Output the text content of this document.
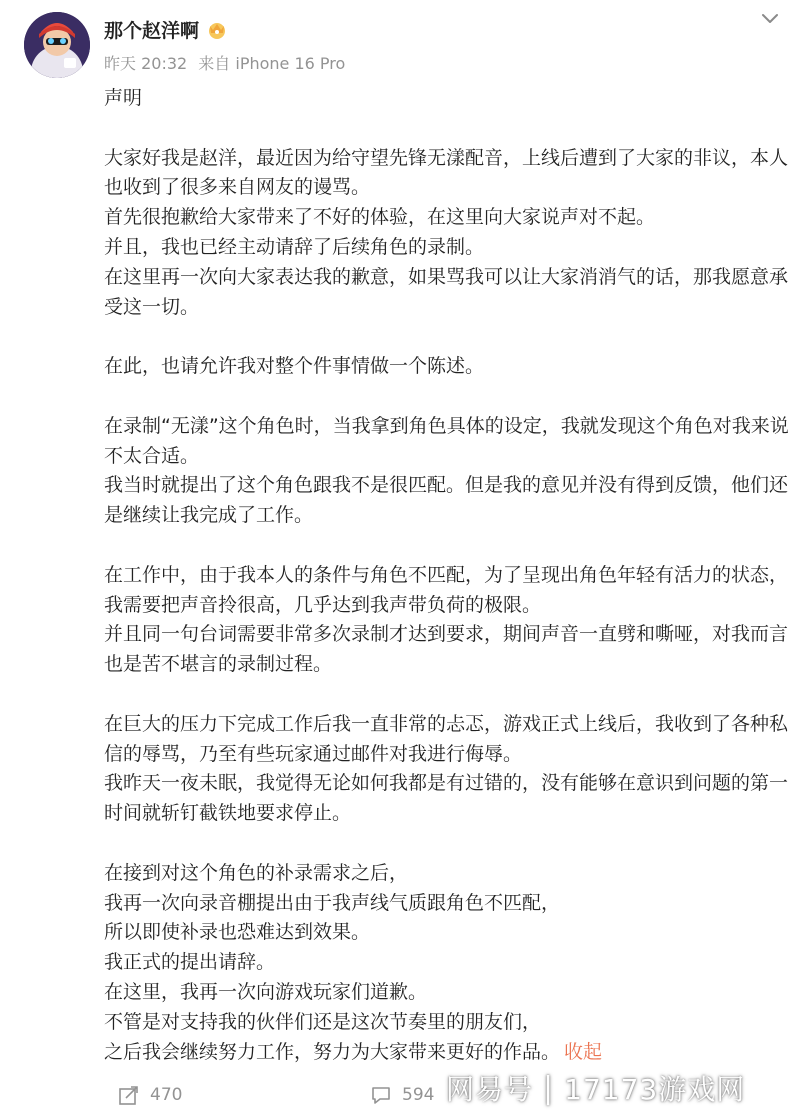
那个赵洋啊
昨天 20:32 来自 iPhone 16 Pro
声明
大家好我是赵洋，最近因为给守望先锋无漾配音，上线后遭到了大家的非议，本人
也收到了很多来自网友的谩骂。
首先很抱歉给大家带来了不好的体验，在这里向大家说声对不起。
并且，我也已经主动请辞了后续角色的录制。
在这里再一次向大家表达我的歉意，如果骂我可以让大家消消气的话，那我愿意承
受这一切。
在此，也请允许我对整个件事情做一个陈述。
在录制“无漾”这个角色时，当我拿到角色具体的设定，我就发现这个角色对我来说
不太合适。
我当时就提出了这个角色跟我不是很匹配。但是我的意见并没有得到反馈，他们还
是继续让我完成了工作。
在工作中，由于我本人的条件与角色不匹配，为了呈现出角色年轻有活力的状态，
我需要把声音拎很高，几乎达到我声带负荷的极限。
并且同一句台词需要非常多次录制才达到要求，期间声音一直劈和嘶哑，对我而言
也是苦不堪言的录制过程。
在巨大的压力下完成工作后我一直非常的忐忑，游戏正式上线后，我收到了各种私
信的辱骂，乃至有些玩家通过邮件对我进行侮辱。
我昨天一夜未眠，我觉得无论如何我都是有过错的，没有能够在意识到问题的第一
时间就斩钉截铁地要求停止。
在接到对这个角色的补录需求之后，
我再一次向录音棚提出由于我声线气质跟角色不匹配，
所以即使补录也恐难达到效果。
我正式的提出请辞。
在这里，我再一次向游戏玩家们道歉。
不管是对支持我的伙伴们还是这次节奏里的朋友们，
之后我会继续努力工作，努力为大家带来更好的作品。 收起
470	594 网易号 | 17173游戏网
